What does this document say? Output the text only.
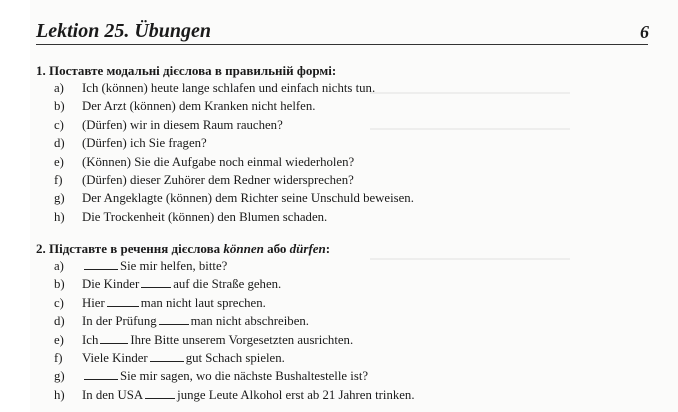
Lektion 25. Übungen	6
1. Поставте модальні дієслова в правильній формі:
a)	Ich (können) heute lange schlafen und einfach nichts tun.
b)	Der Arzt (können) dem Kranken nicht helfen.
c)	(Dürfen) wir in diesem Raum rauchen?
d)	(Dürfen) ich Sie fragen?
e)	(Können) Sie die Aufgabe noch einmal wiederholen?
f)	(Dürfen) dieser Zuhörer dem Redner widersprechen?
g)	Der Angeklagte (können) dem Richter seine Unschuld beweisen.
h)	Die Trockenheit (können) den Blumen schaden.
2. Підставте в речення дієслова können або dürfen:
a)	Sie mir helfen, bitte?
b)	Die Kinder	auf die Straße gehen.
c)	Hier	man nicht laut sprechen.
d)	In der Prüfung	man nicht abschreiben.
e)	Ich	Ihre Bitte unserem Vorgesetzten ausrichten.
f)	Viele Kinder	gut Schach spielen.
g)	Sie mir sagen, wo die nächste Bushaltestelle ist?
h)	In den USA	junge Leute Alkohol erst ab 21 Jahren trinken.
